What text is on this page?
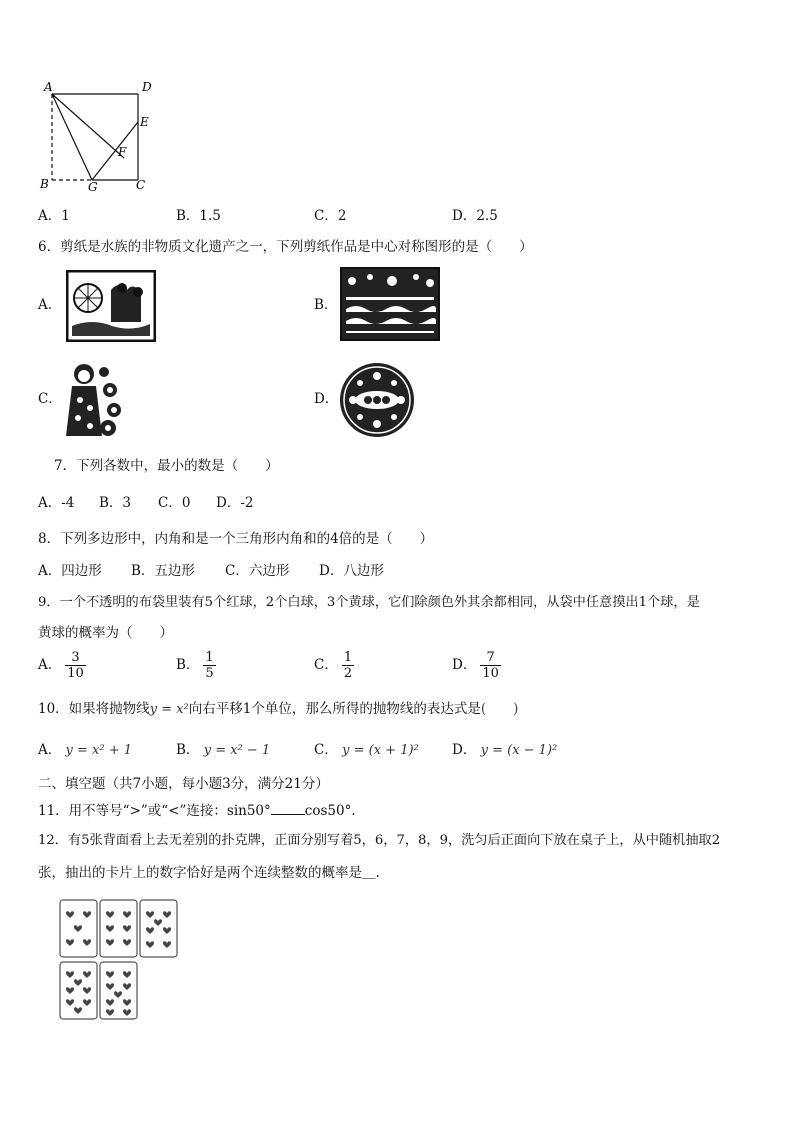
A	D
E
F
B	G	C
A．1	B．1.5	C．2	D．2.5
6．剪纸是水族的非物质文化遗产之一，下列剪纸作品是中心对称图形的是（　　）
A．	B．
C．	D．
7．下列各数中，最小的数是（　　）
A．-4 B．3 C．0 D．-2
8．下列多边形中，内角和是一个三角形内角和的4倍的是（　　）
A．四边形 B．五边形 C．六边形 D．八边形
9．一个不透明的布袋里装有5个红球，2个白球，3个黄球，它们除颜色外其余都相同，从袋中任意摸出1个球，是
黄球的概率为（　　）
A． $\frac{3}{10}$	B． $\frac{1}{5}$	C． $\frac{1}{2}$	D． $\frac{7}{10}$
10．如果将抛物线y = x²向右平移1个单位，那么所得的抛物线的表达式是(　　)
A． y = x² + 1	B． y = x² − 1	C． y = (x + 1)² D． y = (x − 1)²
二、填空题（共7小题，每小题3分，满分21分）
11．用不等号“>”或“<”连接：sin50°	cos50°.
12．有5张背面看上去无差别的扑克牌，正面分别写着5，6，7，8，9，洗匀后正面向下放在桌子上，从中随机抽取2
张，抽出的卡片上的数字恰好是两个连续整数的概率是＿.
